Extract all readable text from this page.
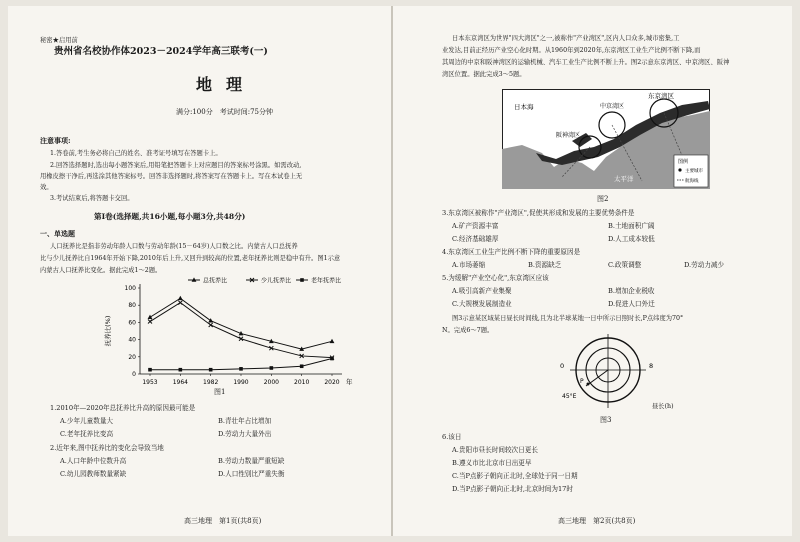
秘密★启用前
贵州省名校协作体2023－2024学年高三联考(一)
地理
满分:100分　考试时间:75分钟
注意事项:
1.答卷前,考生务必将自己的姓名、准考证号填写在答题卡上。
2.回答选择题时,选出每小题答案后,用铅笔把答题卡上对应题目的答案标号涂黑。如需改动,
用橡皮擦干净后,再选涂其他答案标号。回答非选择题时,将答案写在答题卡上。写在本试卷上无
效。
3.考试结束后,将答题卡交回。
第Ⅰ卷(选择题,共16小题,每小题3分,共48分)
一、单选题
人口抚养比是指非劳动年龄人口数与劳动年龄(15－64岁)人口数之比。内蒙古人口总抚养
比与少儿抚养比自1964年开始下降,2010年后上升,又回升到较高的位置,老年抚养比则是稳中有升。图1示意
内蒙古人口抚养比变化。据此完成1～2题。
抚养比(%)
年
0
20
40
60
80
100
1953	1964	1982	1990	2000	2010	2020
总抚养比	少儿抚养比	老年抚养比
图1
1.2010年—2020年总抚养比升高的原因最可能是
A.少年儿童数量大	B.青壮年占比增加
C.老年抚养比变高	D.劳动力大量外出
2.近年来,图中抚养比的变化会导致当地
A.人口年龄中位数升高	B.劳动力数量严重短缺
C.幼儿园教师数量紧缺	D.人口性别比严重失衡
高三地理　第1页(共8页)
日本东京湾区为世界"四大湾区"之一,被称作"产业湾区",区内人口众多,城市密集,工
业发达,目前正经历产业空心化时期。从1960年到2020年,东京湾区工业生产比例不断下降,而
其周边的中京和阪神湾区的运输机械、汽车工业生产比例不断上升。图2示意东京湾区、中京湾区、阪神
湾区位置。据此完成3～5题。
日本海
东京湾区
中京湾区
阪神湾区
太平洋
图例
主要城市
航海线
图2
3.东京湾区被称作"产业湾区",促使其形成和发展的主要优势条件是
A.矿产资源丰富	B.土地面积广阔
C.经济基础雄厚	D.人工成本较低
4.东京湾区工业生产比例不断下降的重要原因是
A.市场萎缩	B.资源缺乏	C.政策调整	D.劳动力减少
5.为缓解"产业空心化",东京湾区应该
A.吸引高新产业集聚	B.增加企业税收
C.大规模发展制造业	D.促进人口外迁
图3示意某区域某日昼长时间线,且为北半球某地一日中所示日照时长,P点纬度为70°
N。完成6～7题。
0	8
P
45°E
昼长(h)
图3
6.该日
A.贵阳市昼长时间较次日更长
B.遵义市比北京市日出更早
C.当P点影子朝向正北时,全球处于同一日期
D.当P点影子朝向正北时,北京时间为17时
高三地理　第2页(共8页)
